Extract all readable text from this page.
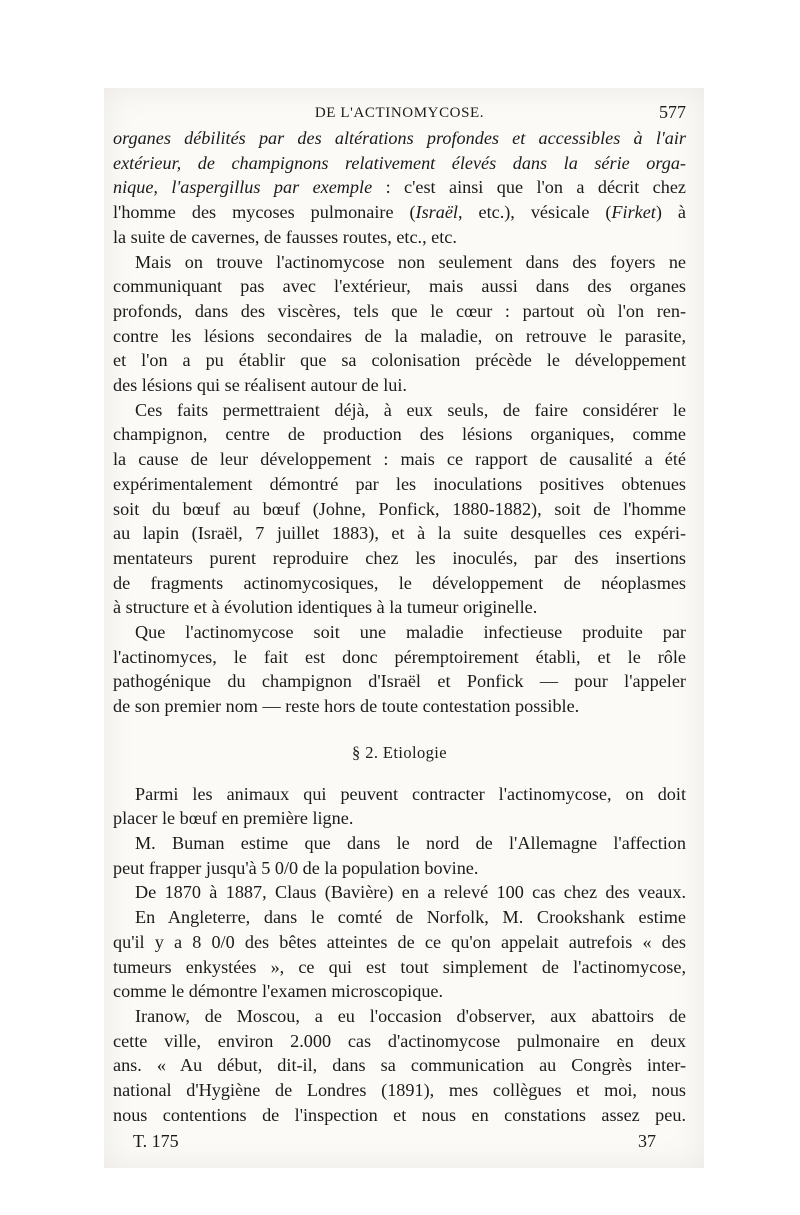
DE L'ACTINOMYCOSE.	577

organes débilités par des altérations profondes et accessibles à l'air
extérieur, de champignons relativement élevés dans la série orga-
nique, l'aspergillus par exemple : c'est ainsi que l'on a décrit chez
l'homme des mycoses pulmonaire (Israël, etc.), vésicale (Firket) à
la suite de cavernes, de fausses routes, etc., etc.

Mais on trouve l'actinomycose non seulement dans des foyers ne
communiquant pas avec l'extérieur, mais aussi dans des organes
profonds, dans des viscères, tels que le cœur : partout où l'on ren-
contre les lésions secondaires de la maladie, on retrouve le parasite,
et l'on a pu établir que sa colonisation précède le développement
des lésions qui se réalisent autour de lui.

Ces faits permettraient déjà, à eux seuls, de faire considérer le
champignon, centre de production des lésions organiques, comme
la cause de leur développement : mais ce rapport de causalité a été
expérimentalement démontré par les inoculations positives obtenues
soit du bœuf au bœuf (Johne, Ponfick, 1880-1882), soit de l'homme
au lapin (Israël, 7 juillet 1883), et à la suite desquelles ces expéri-
mentateurs purent reproduire chez les inoculés, par des insertions
de fragments actinomycosiques, le développement de néoplasmes
à structure et à évolution identiques à la tumeur originelle.

Que l'actinomycose soit une maladie infectieuse produite par
l'actinomyces, le fait est donc péremptoirement établi, et le rôle
pathogénique du champignon d'Israël et Ponfick — pour l'appeler
de son premier nom — reste hors de toute contestation possible.

§ 2. Etiologie

Parmi les animaux qui peuvent contracter l'actinomycose, on doit
placer le bœuf en première ligne.

M. Buman estime que dans le nord de l'Allemagne l'affection
peut frapper jusqu'à 5 0/0 de la population bovine.

De 1870 à 1887, Claus (Bavière) en a relevé 100 cas chez des veaux.

En Angleterre, dans le comté de Norfolk, M. Crookshank estime
qu'il y a 8 0/0 des bêtes atteintes de ce qu'on appelait autrefois « des
tumeurs enkystées », ce qui est tout simplement de l'actinomycose,
comme le démontre l'examen microscopique.

Iranow, de Moscou, a eu l'occasion d'observer, aux abattoirs de
cette ville, environ 2.000 cas d'actinomycose pulmonaire en deux
ans. « Au début, dit-il, dans sa communication au Congrès inter-
national d'Hygiène de Londres (1891), mes collègues et moi, nous
nous contentions de l'inspection et nous en constations assez peu.

T. 175	37
